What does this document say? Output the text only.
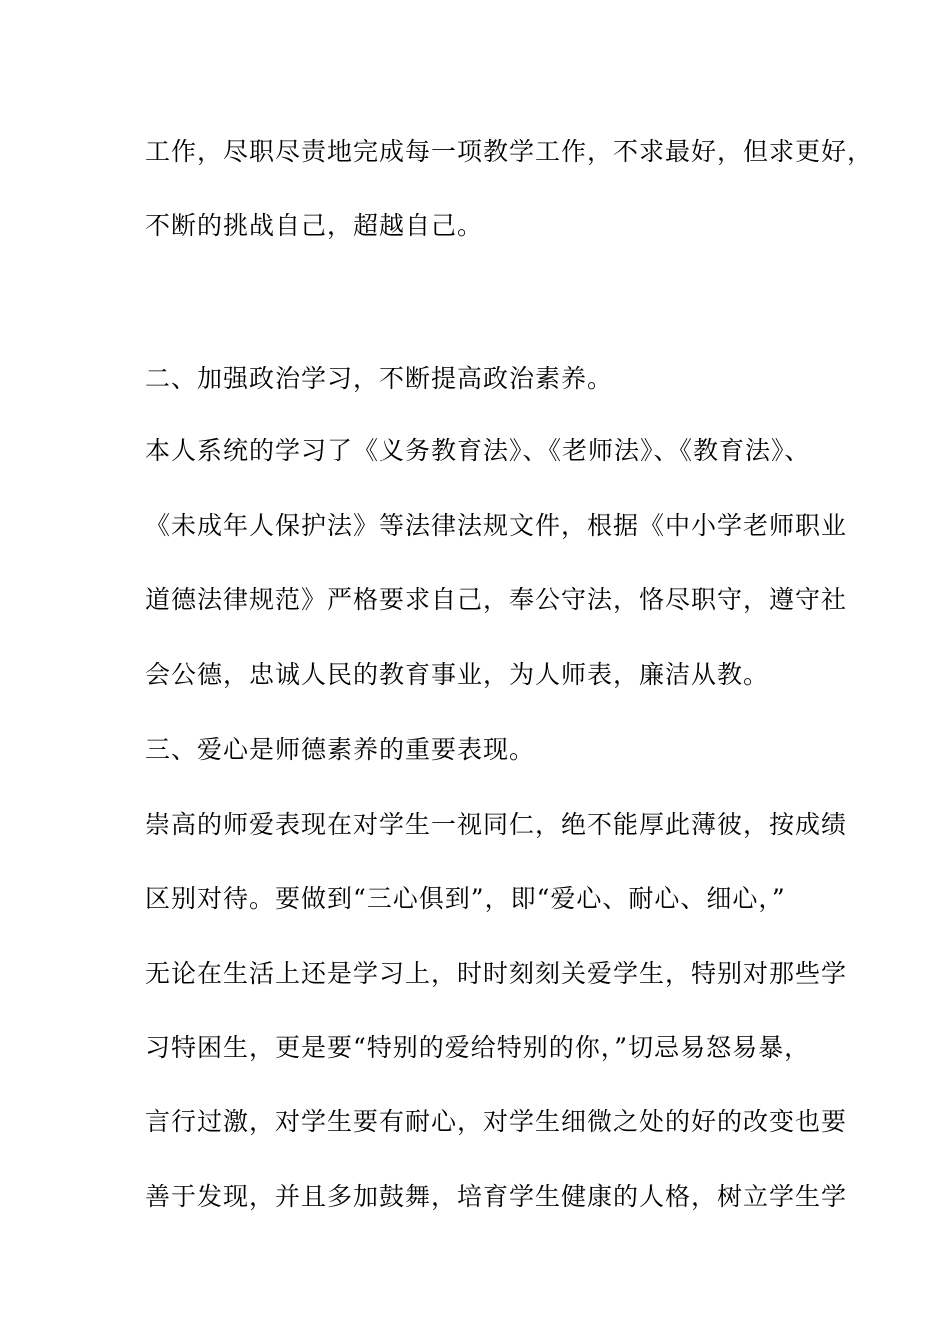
工作，尽职尽责地完成每一项教学工作，不求最好，但求更好，
不断的挑战自己，超越自己。
二、加强政治学习，不断提高政治素养。
本人系统的学习了《义务教育法》、《老师法》、《教育法》、
《未成年人保护法》等法律法规文件，根据《中小学老师职业
道德法律规范》严格要求自己，奉公守法，恪尽职守，遵守社
会公德，忠诚人民的教育事业，为人师表，廉洁从教。
三、爱心是师德素养的重要表现。
崇高的师爱表现在对学生一视同仁，绝不能厚此薄彼，按成绩
区别对待。要做到“三心俱到”，即“爱心、耐心、细心，”
无论在生活上还是学习上，时时刻刻关爱学生，特别对那些学
习特困生，更是要“特别的爱给特别的你，”切忌易怒易暴，
言行过激，对学生要有耐心，对学生细微之处的好的改变也要
善于发现，并且多加鼓舞，培育学生健康的人格，树立学生学
